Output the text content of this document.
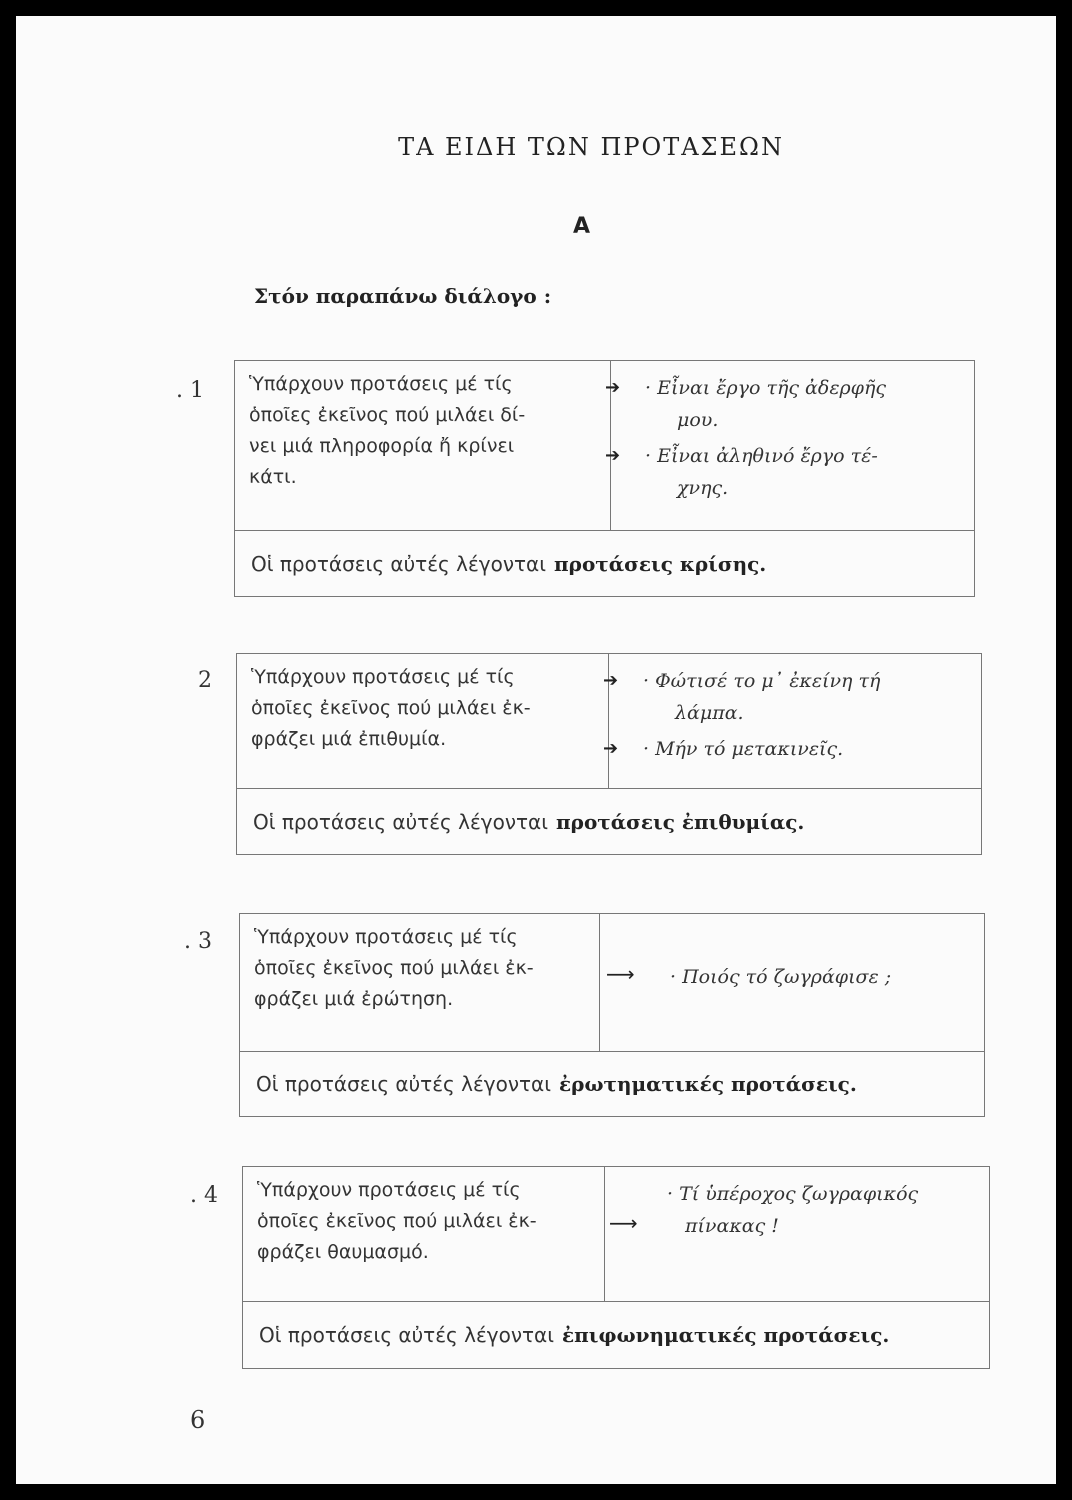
ΤΑ ΕΙΔΗ ΤΩΝ ΠΡΟΤΑΣΕΩΝ
Α
Στόν παραπάνω διάλογο :
. 1 Ὑπάρχουν προτάσεις μέ τίς
ὁποῖες ἐκεῖνος πού μιλάει δί-
νει μιά πληροφορία ἤ κρίνει
κάτι.
➔
➔
· Εἶναι ἔργο τῆς ἀδερφῆς
μου.
· Εἶναι ἀληθινό ἔργο τέ-
χνης.
Οἱ προτάσεις αὐτές λέγονται προτάσεις κρίσης.
2 Ὑπάρχουν προτάσεις μέ τίς
ὁποῖες ἐκεῖνος πού μιλάει ἐκ-
φράζει μιά ἐπιθυμία.
➔
➔
· Φώτισέ το μ᾽ ἐκείνη τή
λάμπα.
· Μήν τό μετακινεῖς.
Οἱ προτάσεις αὐτές λέγονται προτάσεις ἐπιθυμίας.
. 3 Ὑπάρχουν προτάσεις μέ τίς
ὁποῖες ἐκεῖνος πού μιλάει ἐκ-
φράζει μιά ἐρώτηση.
⟶ · Ποιός τό ζωγράφισε ;
Οἱ προτάσεις αὐτές λέγονται ἐρωτηματικές προτάσεις.
. 4 Ὑπάρχουν προτάσεις μέ τίς
ὁποῖες ἐκεῖνος πού μιλάει ἐκ-
φράζει θαυμασμό.
⟶
· Τί ὑπέροχος ζωγραφικός
πίνακας !
Οἱ προτάσεις αὐτές λέγονται ἐπιφωνηματικές προτάσεις.
6
